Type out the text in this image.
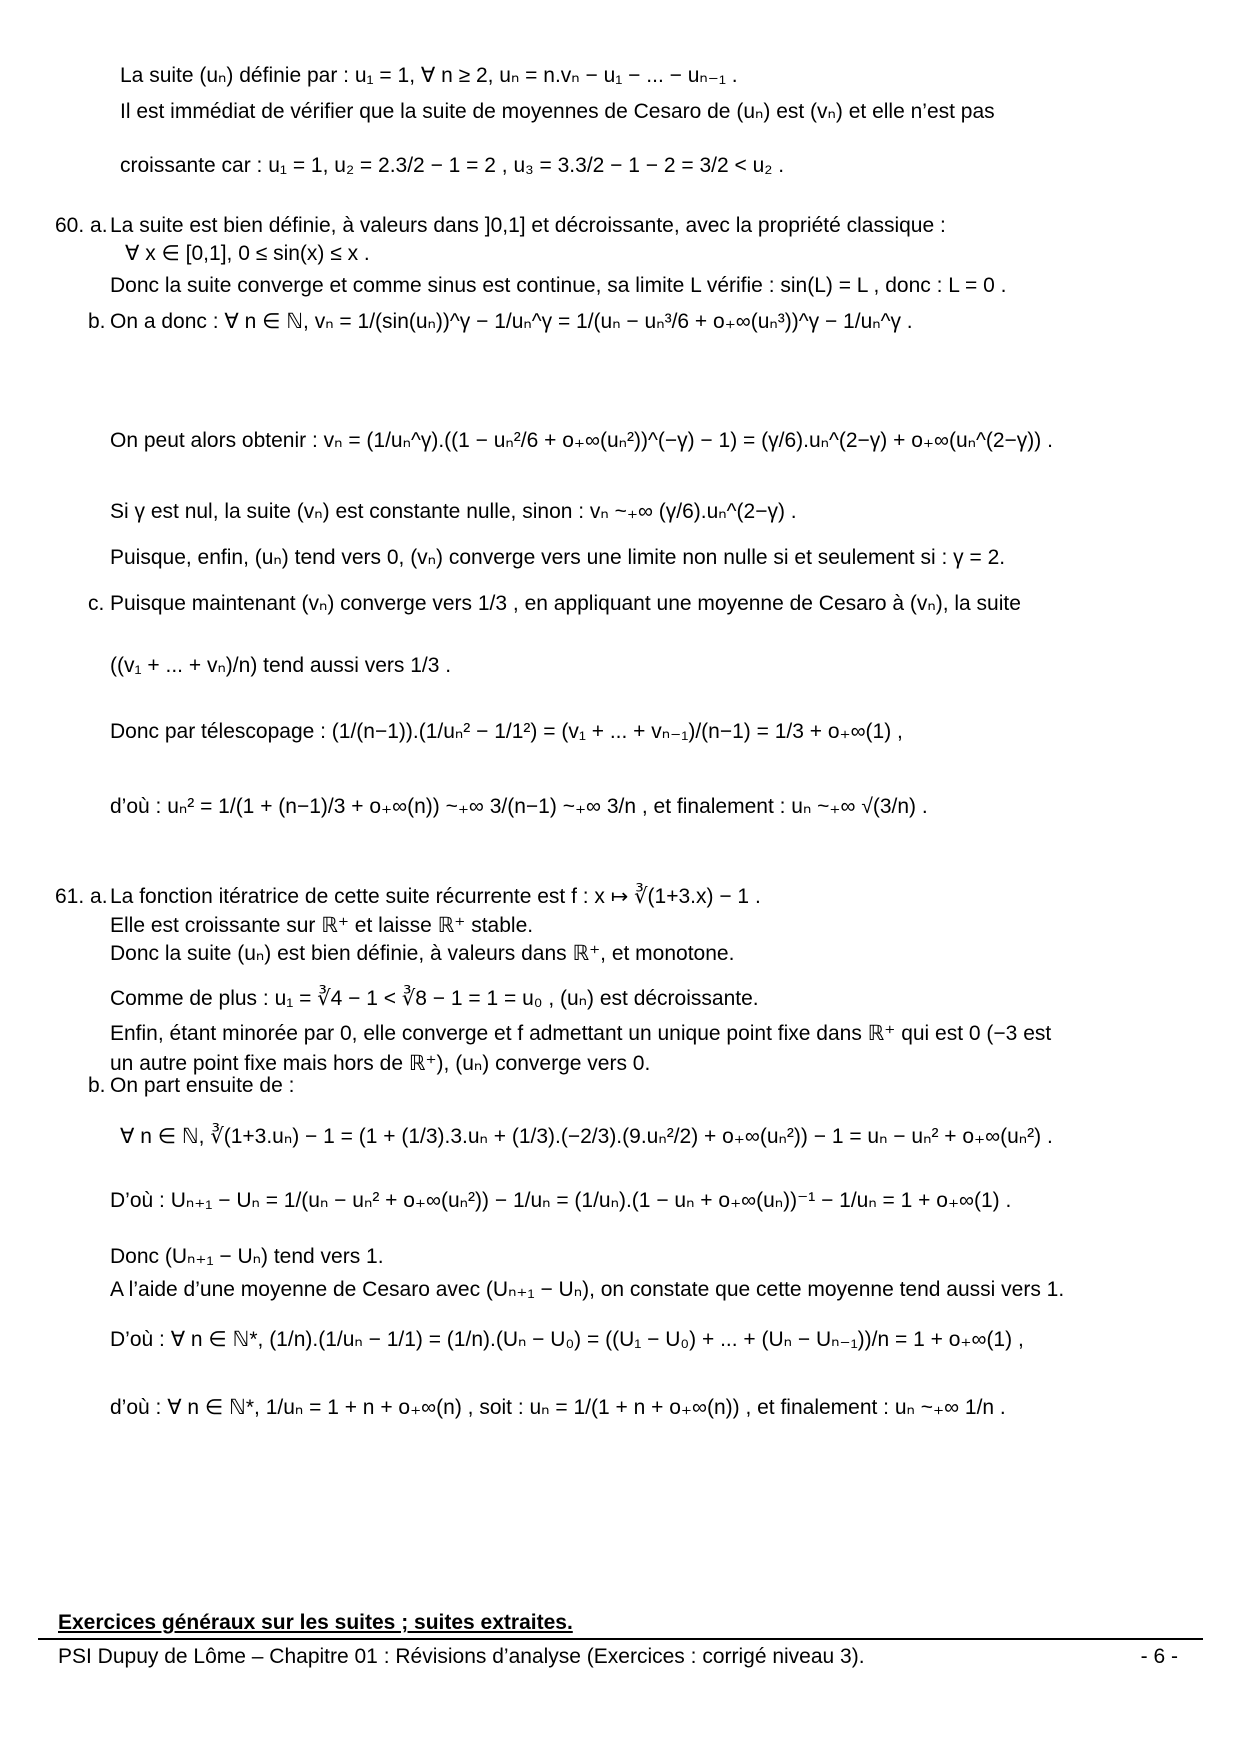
La suite (uₙ) définie par : u₁ = 1, ∀ n ≥ 2, uₙ = n.vₙ − u₁ − ... − uₙ₋₁ .
Il est immédiat de vérifier que la suite de moyennes de Cesaro de (uₙ) est (vₙ) et elle n’est pas
croissante car : u₁ = 1, u₂ = 2.3/2 − 1 = 2 , u₃ = 3.3/2 − 1 − 2 = 3/2 < u₂ .
La suite est bien définie, à valeurs dans ]0,1] et décroissante, avec la propriété classique :
∀ x ∈ [0,1], 0 ≤ sin(x) ≤ x .
Donc la suite converge et comme sinus est continue, sa limite L vérifie : sin(L) = L , donc : L = 0 .
On a donc : ∀ n ∈ ℕ, vₙ = 1/(sin(uₙ))^γ − 1/uₙ^γ = 1/(uₙ − uₙ³/6 + o₊∞(uₙ³))^γ − 1/uₙ^γ .
On peut alors obtenir : vₙ = (1/uₙ^γ).((1 − uₙ²/6 + o₊∞(uₙ²))^(−γ) − 1) = (γ/6).uₙ^(2−γ) + o₊∞(uₙ^(2−γ)) .
Si γ est nul, la suite (vₙ) est constante nulle, sinon : vₙ ~₊∞ (γ/6).uₙ^(2−γ) .
Puisque, enfin, (uₙ) tend vers 0, (vₙ) converge vers une limite non nulle si et seulement si : γ = 2.
Puisque maintenant (vₙ) converge vers 1/3 , en appliquant une moyenne de Cesaro à (vₙ), la suite
((v₁ + ... + vₙ)/n) tend aussi vers 1/3 .
Donc par télescopage : (1/(n−1)).(1/uₙ² − 1/1²) = (v₁ + ... + vₙ₋₁)/(n−1) = 1/3 + o₊∞(1) ,
d’où : uₙ² = 1/(1 + (n−1)/3 + o₊∞(n)) ~₊∞ 3/(n−1) ~₊∞ 3/n , et finalement : uₙ ~₊∞ √(3/n) .
La fonction itératrice de cette suite récurrente est f : x ↦ ∛(1+3.x) − 1 .
Elle est croissante sur ℝ⁺ et laisse ℝ⁺ stable.
Donc la suite (uₙ) est bien définie, à valeurs dans ℝ⁺, et monotone.
Comme de plus : u₁ = ∛4 − 1 < ∛8 − 1 = 1 = u₀ , (uₙ) est décroissante.
Enfin, étant minorée par 0, elle converge et f admettant un unique point fixe dans ℝ⁺ qui est 0 (−3 est
un autre point fixe mais hors de ℝ⁺), (uₙ) converge vers 0.
∀ n ∈ ℕ, ∛(1+3.uₙ) − 1 = (1 + (1/3).3.uₙ + (1/3).(−2/3).(9.uₙ²/2) + o₊∞(uₙ²)) − 1 = uₙ − uₙ² + o₊∞(uₙ²) .
D’où : Uₙ₊₁ − Uₙ = 1/(uₙ − uₙ² + o₊∞(uₙ²)) − 1/uₙ = (1/uₙ).(1 − uₙ + o₊∞(uₙ))⁻¹ − 1/uₙ = 1 + o₊∞(1) .
Donc (Uₙ₊₁ − Uₙ) tend vers 1.
A l’aide d’une moyenne de Cesaro avec (Uₙ₊₁ − Uₙ), on constate que cette moyenne tend aussi vers 1.
D’où : ∀ n ∈ ℕ*, (1/n).(1/uₙ − 1/1) = (1/n).(Uₙ − U₀) = ((U₁ − U₀) + ... + (Uₙ − Uₙ₋₁))/n = 1 + o₊∞(1) ,
d’où : ∀ n ∈ ℕ*, 1/uₙ = 1 + n + o₊∞(n) , soit : uₙ = 1/(1 + n + o₊∞(n)) , et finalement : uₙ ~₊∞ 1/n .
60. a.
b.
c.
61. a.
b. On part ensuite de :
Exercices généraux sur les suites ; suites extraites.
PSI Dupuy de Lôme – Chapitre 01 : Révisions d’analyse (Exercices : corrigé niveau 3).	- 6 -
